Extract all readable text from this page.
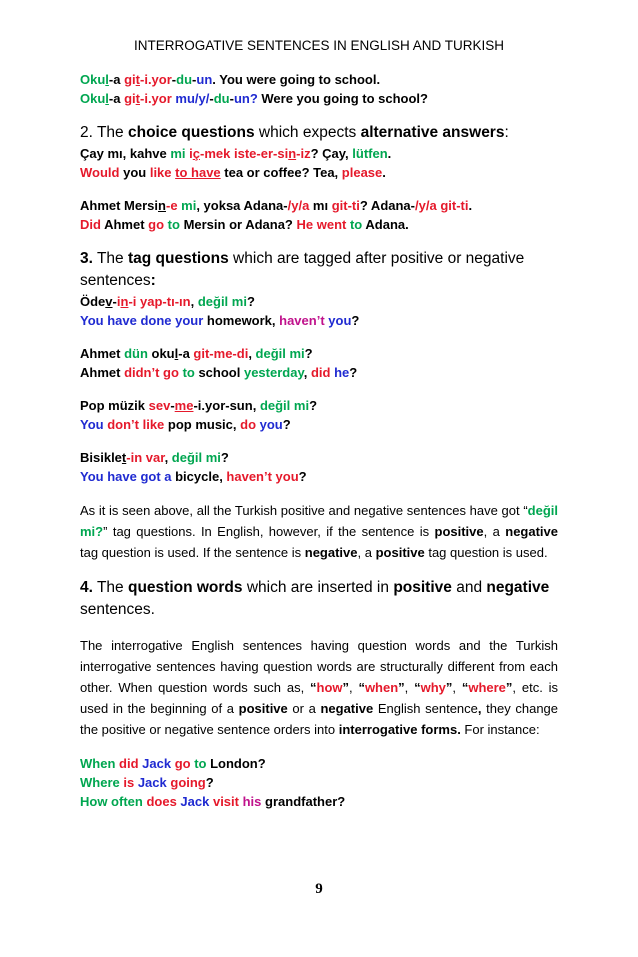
INTERROGATIVE SENTENCES IN ENGLISH AND TURKISH
Okul-a git-i.yor-du-un. You were going to school.
Okul-a git-i.yor mu/y/-du-un? Were you going to school?
2. The choice questions which expects alternative answers:
Çay mı, kahve mi iç-mek iste-er-sin-iz? Çay, lütfen.
Would you like to have tea or coffee? Tea, please.
Ahmet Mersin-e mi, yoksa Adana-/y/a mı git-ti? Adana-/y/a git-ti.
Did Ahmet go to Mersin or Adana? He went to Adana.
3. The tag questions which are tagged after positive or negative sentences:
Ödev-in-i yap-tı-ın, değil mi?
You have done your homework, haven’t you?
Ahmet dün okul-a git-me-di, değil mi?
Ahmet didn’t go to school yesterday, did he?
Pop müzik sev-me-i.yor-sun, değil mi?
You don’t like pop music, do you?
Bisiklet-in var, değil mi?
You have got a bicycle, haven’t you?
As it is seen above, all the Turkish positive and negative sentences have got “değil mi?” tag questions. In English, however, if the sentence is positive, a negative tag question is used. If the sentence is negative, a positive tag question is used.
4. The question words which are inserted in positive and negative sentences.
The interrogative English sentences having question words and the Turkish interrogative sentences having question words are structurally different from each other. When question words such as, “how”, “when”, “why”, “where”, etc. is used in the beginning of a positive or a negative English sentence, they change the positive or negative sentence orders into interrogative forms. For instance:
When did Jack go to London?
Where is Jack going?
How often does Jack visit his grandfather?
9
